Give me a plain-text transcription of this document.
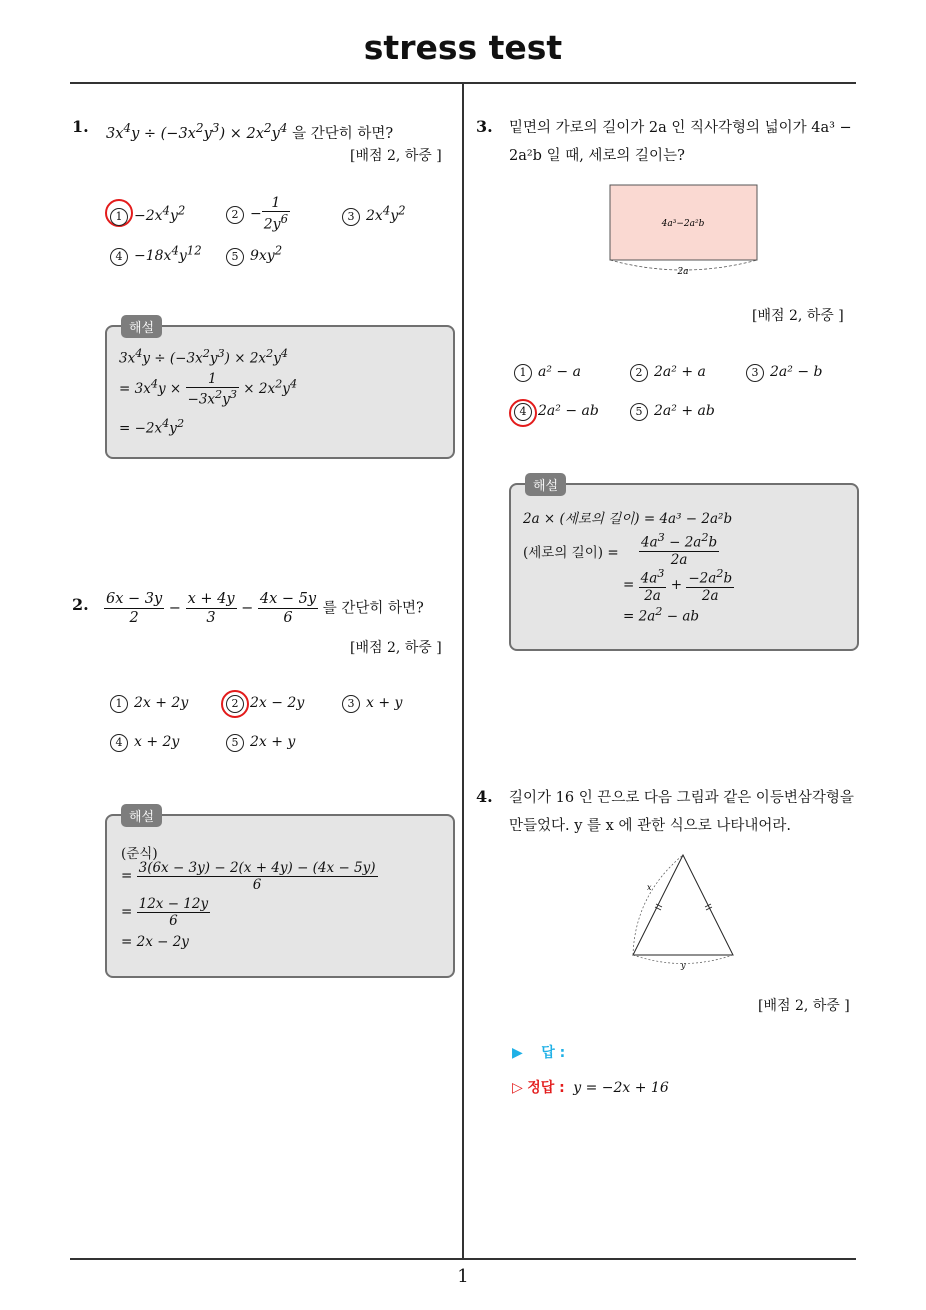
stress test
1
1. $3x^4y \div (-3x^2y^3) \times 2x^2y^4$ 을 간단히 하면?
[배점 2, 하중 ]
$1 -2x^4y^2$	$2 - \frac{1}{2y^6}$	3 $2x^4y^2$
$4 -18x^4y^{12}$	5 $9xy^2$
해설
$3x^4y \div (-3x^2y^3) \times 2x^2y^4$
= $3x^4y \times \frac{1}{-3x^2y^3} \times 2x^2y^4$
= $-2x^4y^2$
2. $\frac{6x - 3y}{2} - \frac{x + 4y}{3} - \frac{4x - 5y}{6}$ 를 간단히 하면?
[배점 2, 하중 ]
1 2x + 2y	2 2x − 2y	3 x + y
4 x + 2y	5 2x + y
해설
(준식)
= $\frac{3(6x - 3y) - 2(x + 4y) - (4x - 5y)}{6}$
= $\frac{12x - 12y}{6}$
= 2x − 2y
3. 밑면의 가로의 길이가 2a 인 직사각형의 넓이가 4a³ −
2a²b 일 때, 세로의 길이는?
4a³−2a²b
2a
[배점 2, 하중 ]
1 a² − a	2 2a² + a	3 2a² − b
4 2a² − ab	5 2a² + ab
해설
2a × (세로의 길이) = 4a³ − 2a²b
(세로의 길이) = $\frac{4a^3 - 2a^2b}{2a}$
= $\frac{4a^3}{2a} + \frac{-2a^2b}{2a}$
= $2a^2$ − ab
4. 길이가 16 인 끈으로 다음 그림과 같은 이등변삼각형을
만들었다. y 를 x 에 관한 식으로 나타내어라.
x
y
[배점 2, 하중 ]
▶ 답 :
▷ 정답 : y = −2x + 16
